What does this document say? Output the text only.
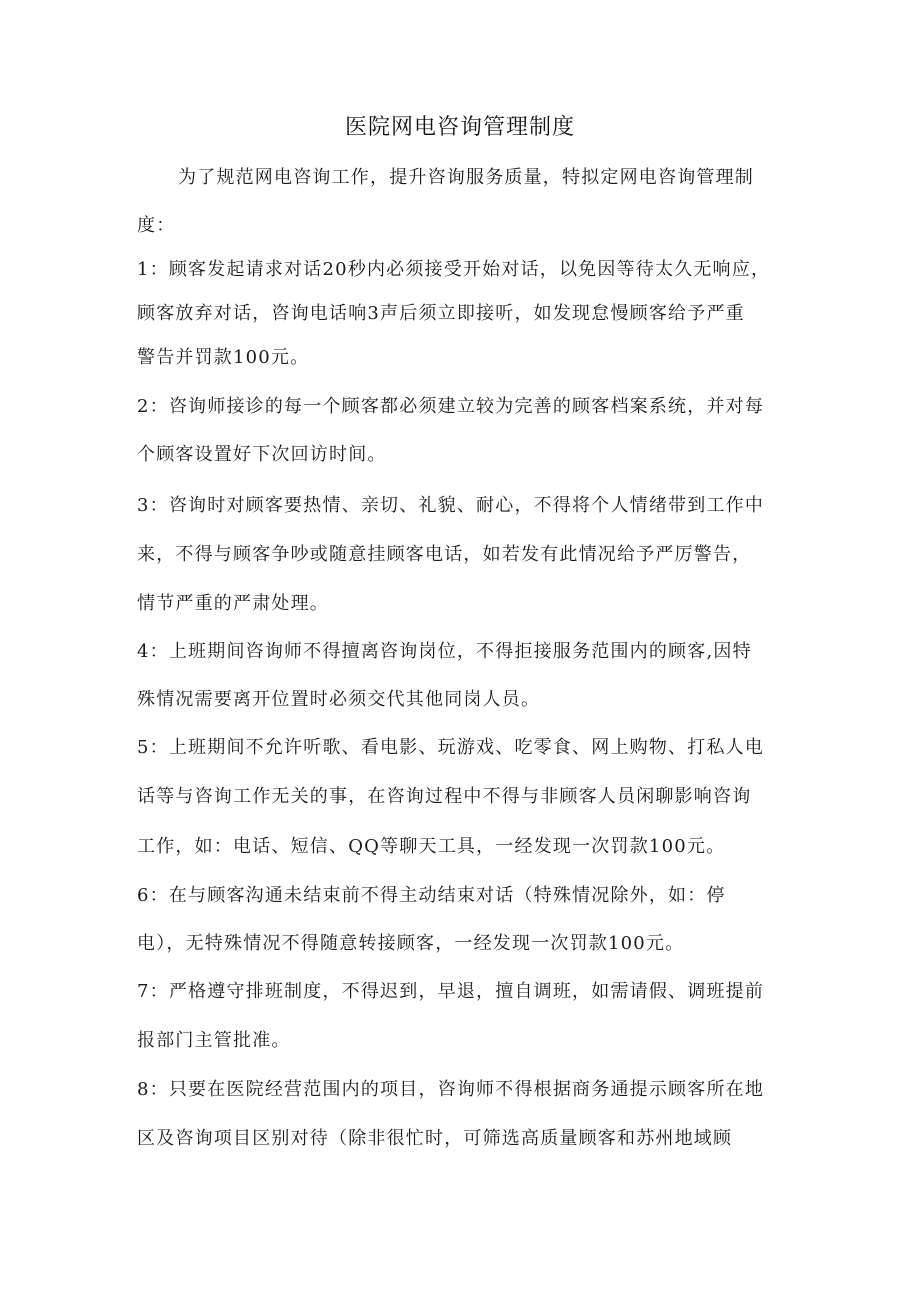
医院网电咨询管理制度
为了规范网电咨询工作，提升咨询服务质量，特拟定网电咨询管理制
度：
1：顾客发起请求对话20秒内必须接受开始对话，以免因等待太久无响应，
顾客放弃对话，咨询电话响3声后须立即接听，如发现怠慢顾客给予严重
警告并罚款100元。
2：咨询师接诊的每一个顾客都必须建立较为完善的顾客档案系统，并对每
个顾客设置好下次回访时间。
3：咨询时对顾客要热情、亲切、礼貌、耐心，不得将个人情绪带到工作中
来，不得与顾客争吵或随意挂顾客电话，如若发有此情况给予严厉警告，
情节严重的严肃处理。
4：上班期间咨询师不得擅离咨询岗位，不得拒接服务范围内的顾客,因特
殊情况需要离开位置时必须交代其他同岗人员。
5：上班期间不允许听歌、看电影、玩游戏、吃零食、网上购物、打私人电
话等与咨询工作无关的事，在咨询过程中不得与非顾客人员闲聊影响咨询
工作，如：电话、短信、QQ等聊天工具，一经发现一次罚款100元。
6：在与顾客沟通未结束前不得主动结束对话（特殊情况除外，如：停
电），无特殊情况不得随意转接顾客，一经发现一次罚款100元。
7：严格遵守排班制度，不得迟到，早退，擅自调班，如需请假、调班提前
报部门主管批准。
8：只要在医院经营范围内的项目，咨询师不得根据商务通提示顾客所在地
区及咨询项目区别对待（除非很忙时，可筛选高质量顾客和苏州地域顾
